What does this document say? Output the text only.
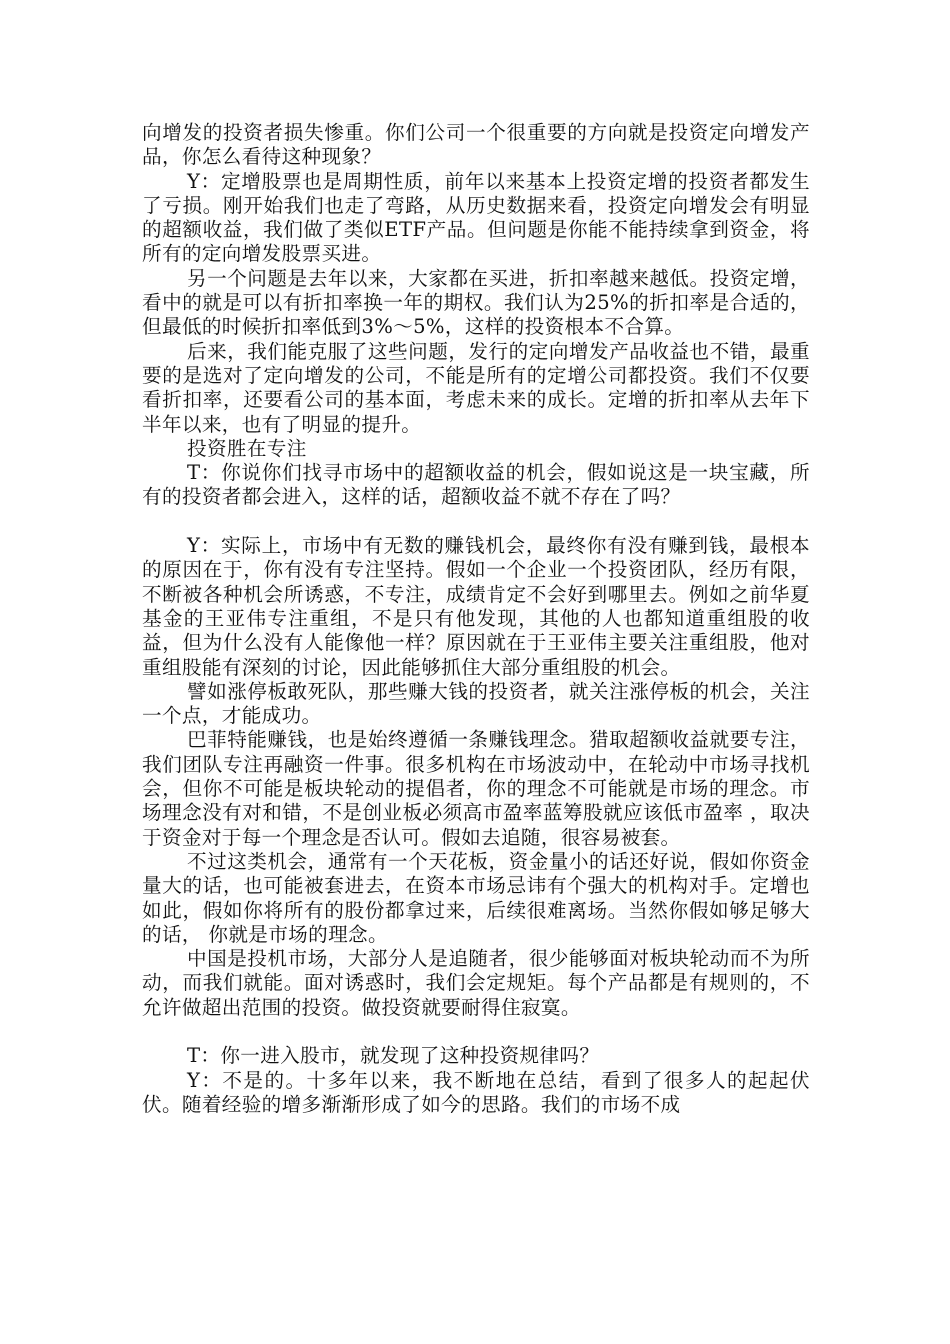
向增发的投资者损失惨重。你们公司一个很重要的方向就是投资定向增发产品，你怎么看待这种现象？

Y：定增股票也是周期性质，前年以来基本上投资定增的投资者都发生了亏损。刚开始我们也走了弯路，从历史数据来看，投资定向增发会有明显的超额收益，我们做了类似ETF产品。但问题是你能不能持续拿到资金，将所有的定向增发股票买进。

另一个问题是去年以来，大家都在买进，折扣率越来越低。投资定增，看中的就是可以有折扣率换一年的期权。我们认为25%的折扣率是合适的，但最低的时候折扣率低到3%～5%，这样的投资根本不合算。

后来，我们能克服了这些问题，发行的定向增发产品收益也不错，最重要的是选对了定向增发的公司，不能是所有的定增公司都投资。我们不仅要看折扣率，还要看公司的基本面，考虑未来的成长。定增的折扣率从去年下半年以来，也有了明显的提升。

投资胜在专注

T：你说你们找寻市场中的超额收益的机会，假如说这是一块宝藏，所有的投资者都会进入，这样的话，超额收益不就不存在了吗？

Y：实际上，市场中有无数的赚钱机会，最终你有没有赚到钱，最根本的原因在于，你有没有专注坚持。假如一个企业一个投资团队，经历有限，不断被各种机会所诱惑，不专注，成绩肯定不会好到哪里去。例如之前华夏基金的王亚伟专注重组，不是只有他发现，其他的人也都知道重组股的收益，但为什么没有人能像他一样？原因就在于王亚伟主要关注重组股，他对重组股能有深刻的讨论，因此能够抓住大部分重组股的机会。

譬如涨停板敢死队，那些赚大钱的投资者，就关注涨停板的机会，关注一个点，才能成功。

巴菲特能赚钱，也是始终遵循一条赚钱理念。猎取超额收益就要专注，我们团队专注再融资一件事。很多机构在市场波动中，在轮动中市场寻找机会，但你不可能是板块轮动的提倡者，你的理念不可能就是市场的理念。市场理念没有对和错，不是创业板必须高市盈率蓝筹股就应该低市盈率 ，取决于资金对于每一个理念是否认可。假如去追随，很容易被套。

不过这类机会，通常有一个天花板，资金量小的话还好说，假如你资金量大的话，也可能被套进去，在资本市场忌讳有个强大的机构对手。定增也如此，假如你将所有的股份都拿过来，后续很难离场。当然你假如够足够大的话， 你就是市场的理念。

中国是投机市场，大部分人是追随者，很少能够面对板块轮动而不为所动，而我们就能。面对诱惑时，我们会定规矩。每个产品都是有规则的，不允许做超出范围的投资。做投资就要耐得住寂寞。

T：你一进入股市，就发现了这种投资规律吗？

Y：不是的。十多年以来，我不断地在总结，看到了很多人的起起伏伏。随着经验的增多渐渐形成了如今的思路。我们的市场不成
